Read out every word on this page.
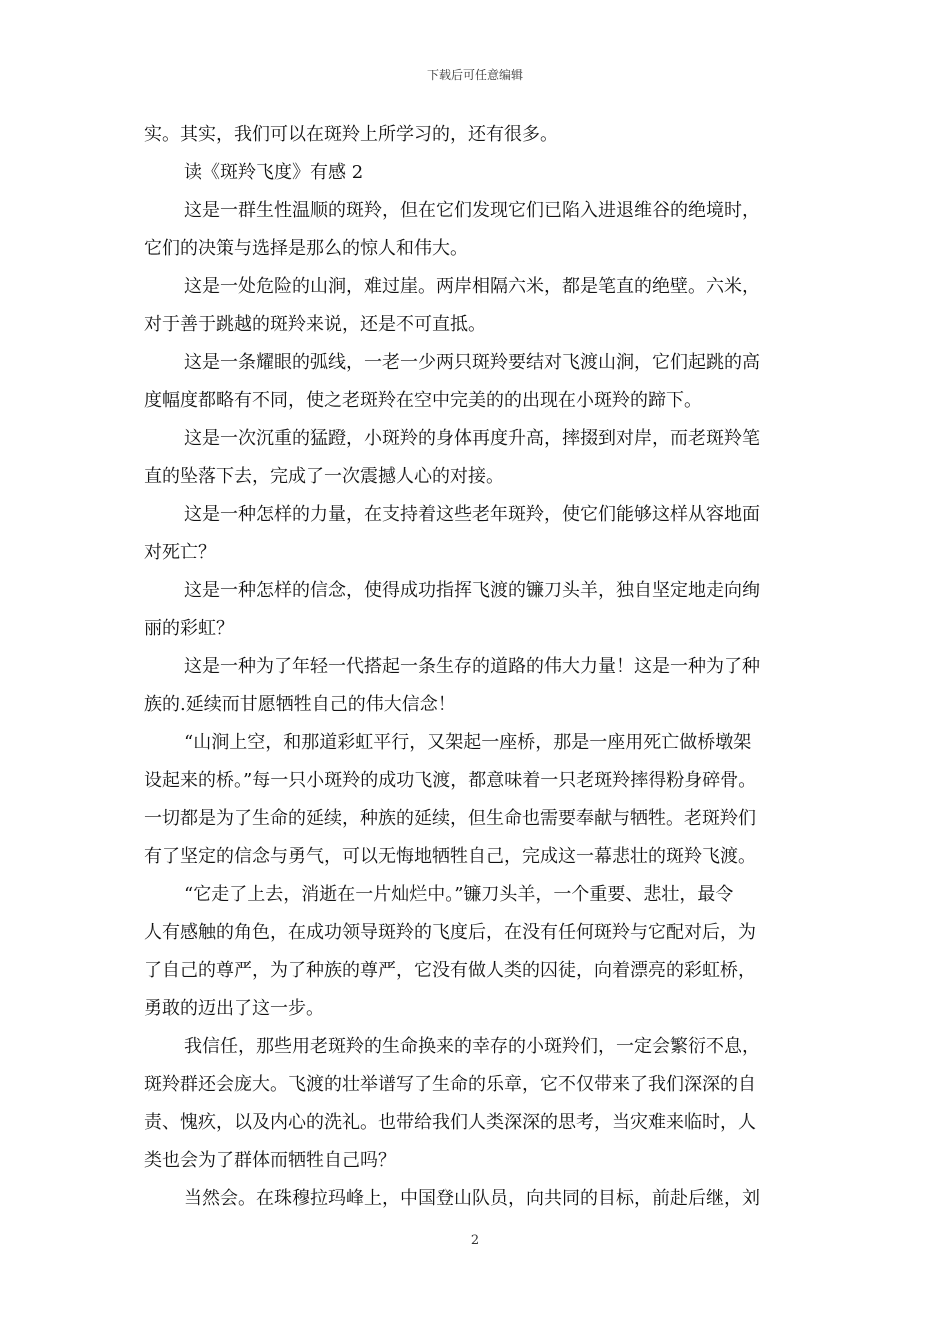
下载后可任意编辑
实。其实，我们可以在斑羚上所学习的，还有很多。
读《斑羚飞度》有感 2
这是一群生性温顺的斑羚，但在它们发现它们已陷入进退维谷的绝境时，
它们的决策与选择是那么的惊人和伟大。
这是一处危险的山涧，难过崖。两岸相隔六米，都是笔直的绝壁。六米，
对于善于跳越的斑羚来说，还是不可直抵。
这是一条耀眼的弧线，一老一少两只斑羚要结对飞渡山涧，它们起跳的高
度幅度都略有不同，使之老斑羚在空中完美的的出现在小斑羚的蹄下。
这是一次沉重的猛蹬，小斑羚的身体再度升高，摔掇到对岸，而老斑羚笔
直的坠落下去，完成了一次震撼人心的对接。
这是一种怎样的力量，在支持着这些老年斑羚，使它们能够这样从容地面
对死亡？
这是一种怎样的信念，使得成功指挥飞渡的镰刀头羊，独自坚定地走向绚
丽的彩虹？
这是一种为了年轻一代搭起一条生存的道路的伟大力量！这是一种为了种
族的.延续而甘愿牺牲自己的伟大信念！
“山涧上空，和那道彩虹平行，又架起一座桥，那是一座用死亡做桥墩架
设起来的桥。”每一只小斑羚的成功飞渡，都意味着一只老斑羚摔得粉身碎骨。
一切都是为了生命的延续，种族的延续，但生命也需要奉献与牺牲。老斑羚们
有了坚定的信念与勇气，可以无悔地牺牲自己，完成这一幕悲壮的斑羚飞渡。
“它走了上去，消逝在一片灿烂中。”镰刀头羊，一个重要、悲壮，最令
人有感触的角色，在成功领导斑羚的飞度后，在没有任何斑羚与它配对后，为
了自己的尊严，为了种族的尊严，它没有做人类的囚徒，向着漂亮的彩虹桥，
勇敢的迈出了这一步。
我信任，那些用老斑羚的生命换来的幸存的小斑羚们，一定会繁衍不息，
斑羚群还会庞大。飞渡的壮举谱写了生命的乐章，它不仅带来了我们深深的自
责、愧疚，以及内心的洗礼。也带给我们人类深深的思考，当灾难来临时，人
类也会为了群体而牺牲自己吗？
当然会。在珠穆拉玛峰上，中国登山队员，向共同的目标，前赴后继，刘
2
